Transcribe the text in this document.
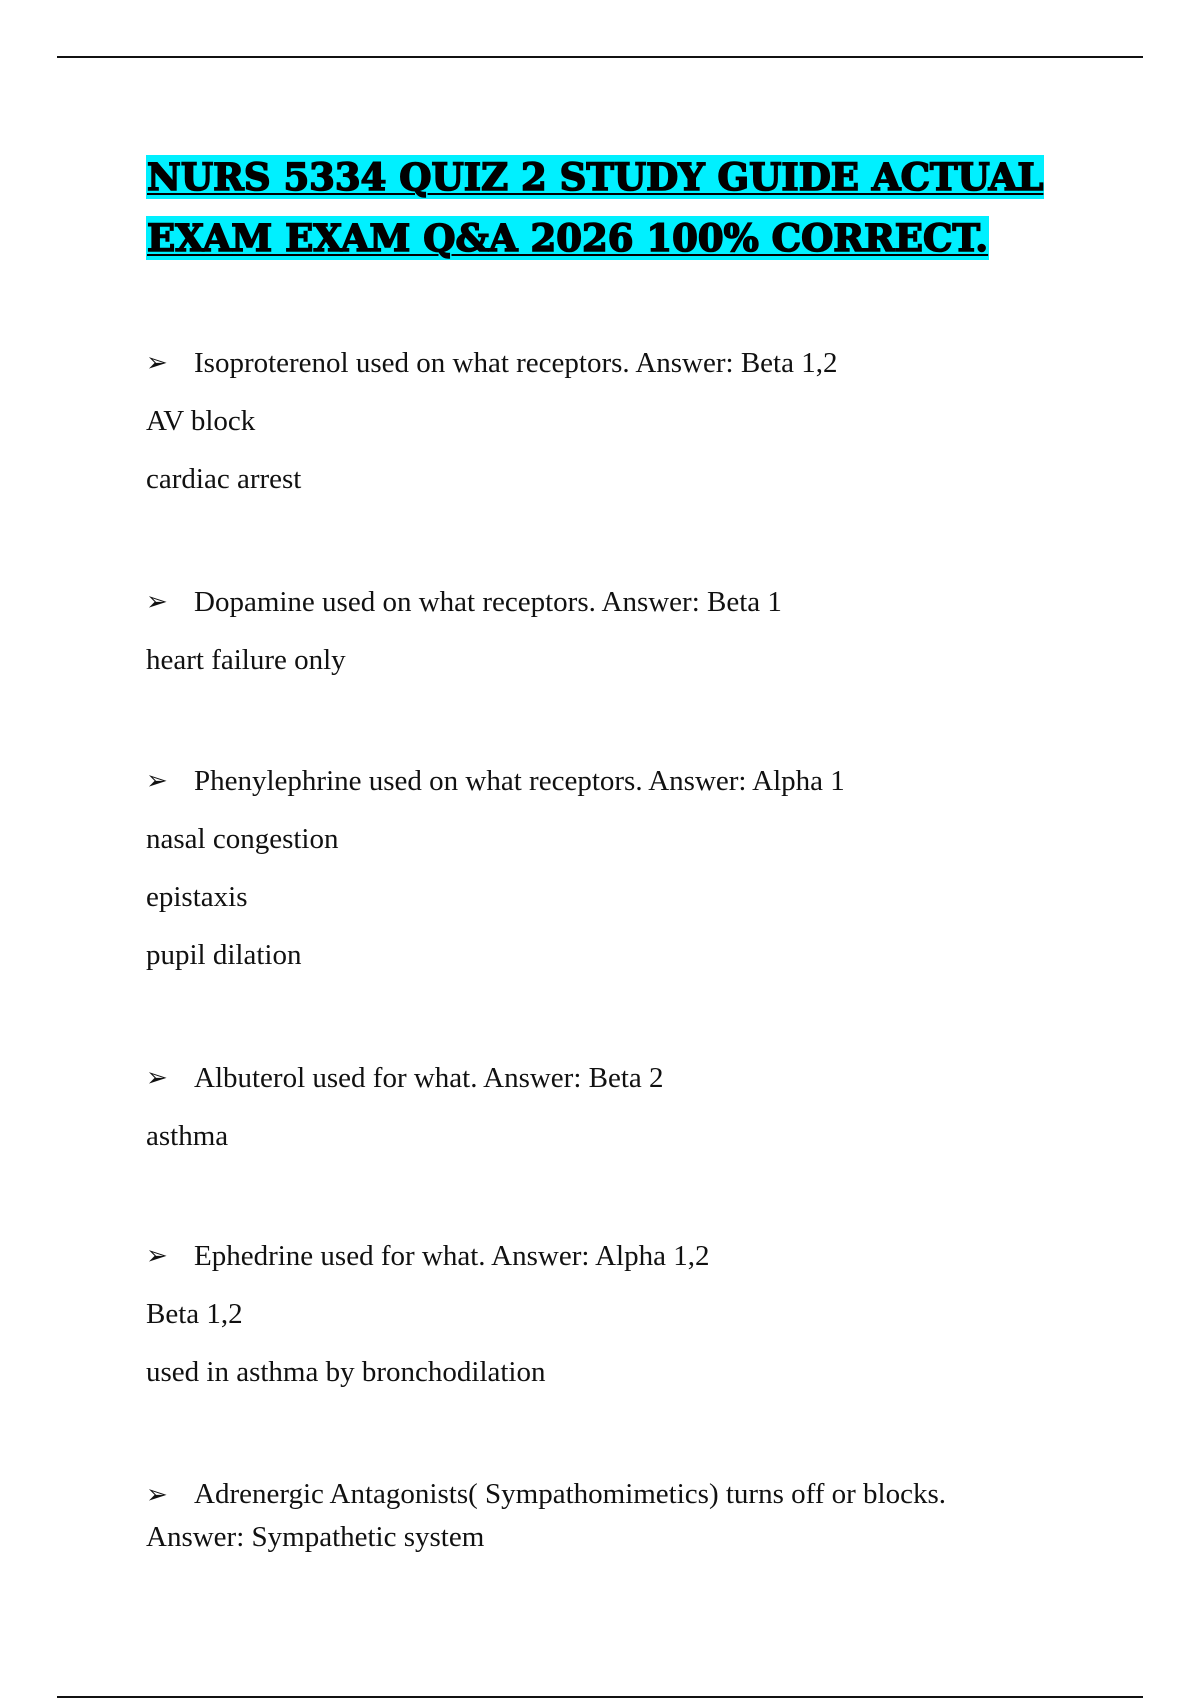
NURS 5334 QUIZ 2 STUDY GUIDE ACTUAL EXAM EXAM Q&A 2026 100% CORRECT.
➢ Isoproterenol used on what receptors. Answer: Beta 1,2
AV block
cardiac arrest
➢ Dopamine used on what receptors. Answer: Beta 1
heart failure only
➢ Phenylephrine used on what receptors. Answer: Alpha 1
nasal congestion
epistaxis
pupil dilation
➢ Albuterol used for what. Answer: Beta 2
asthma
➢ Ephedrine used for what. Answer: Alpha 1,2
Beta 1,2
used in asthma by bronchodilation
➢ Adrenergic Antagonists( Sympathomimetics) turns off or blocks. Answer: Sympathetic system
